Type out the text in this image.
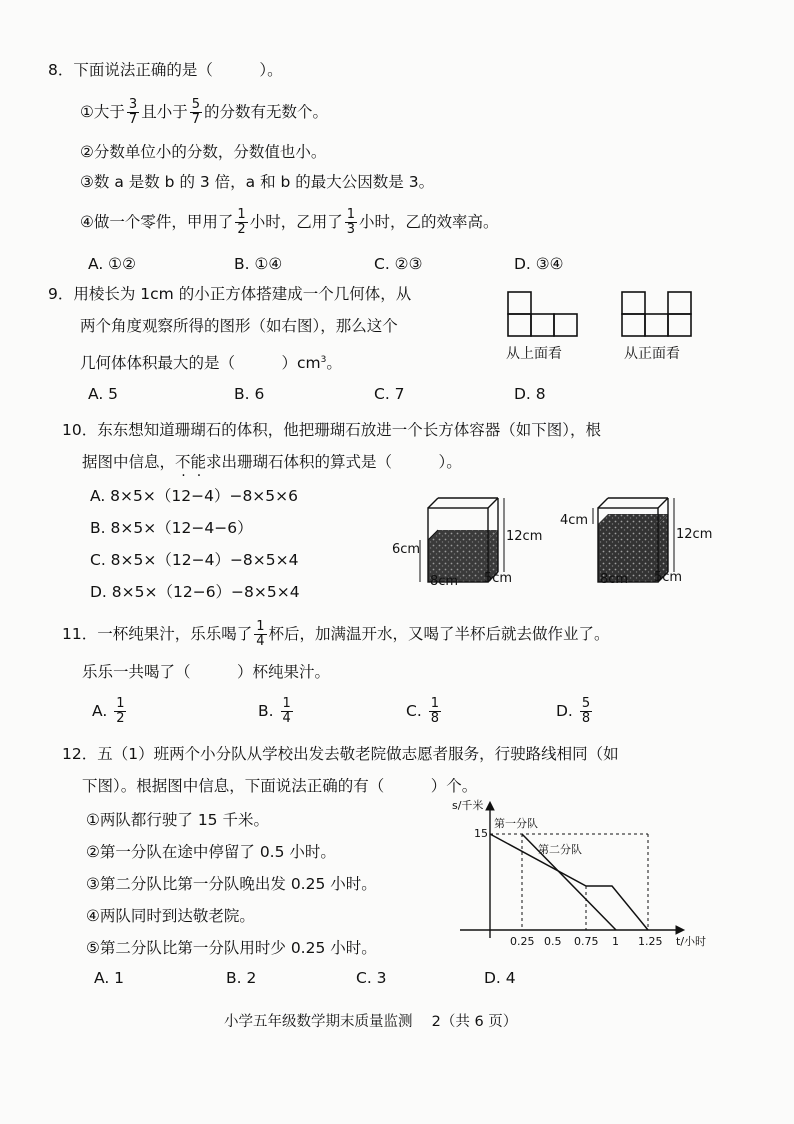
8．下面说法正确的是（　　　）。
①大于 $\frac{3}{7}$ 且小于 $\frac{5}{7}$ 的分数有无数个。
②分数单位小的分数，分数值也小。
③数 a 是数 b 的 3 倍，a 和 b 的最大公因数是 3。
④做一个零件，甲用了 $\frac{1}{2}$ 小时，乙用了 $\frac{1}{3}$ 小时，乙的效率高。
A. ①②	B. ①④	C. ②③	D. ③④
9．用棱长为 1cm 的小正方体搭建成一个几何体，从
两个角度观察所得的图形（如右图），那么这个
几何体体积最大的是（　　　）$cm^3$。
A. 5	B. 6	C. 7	D. 8
从上面看	从正面看
10．东东想知道珊瑚石的体积，他把珊瑚石放进一个长方体容器（如下图），根
据图中信息，不能求出珊瑚石体积的算式是（　　　）。
A. 8×5×（12−4）−8×5×6
B. 8×5×（12−4−6）
C. 8×5×（12−4）−8×5×4
D. 8×5×（12−6）−8×5×4
12cm
6cm
8cm 5cm
4cm
12cm
8cm 5cm
11．一杯纯果汁，乐乐喝了 $\frac{1}{4}$ 杯后，加满温开水，又喝了半杯后就去做作业了。
乐乐一共喝了（　　　）杯纯果汁。
A. $\frac{1}{2}$	B. $\frac{1}{4}$	C. $\frac{1}{8}$	D. $\frac{5}{8}$
12．五（1）班两个小分队从学校出发去敬老院做志愿者服务，行驶路线相同（如
下图）。根据图中信息，下面说法正确的有（　　　）个。
①两队都行驶了 15 千米。
②第一分队在途中停留了 0.5 小时。
③第二分队比第一分队晚出发 0.25 小时。
④两队同时到达敬老院。
⑤第二分队比第一分队用时少 0.25 小时。
A. 1	B. 2	C. 3	D. 4
s/千米
15
第一分队
第二分队
0.25 0.5 0.75 1 1.25 t/小时
小学五年级数学期末质量监测　 2（共 6 页）
